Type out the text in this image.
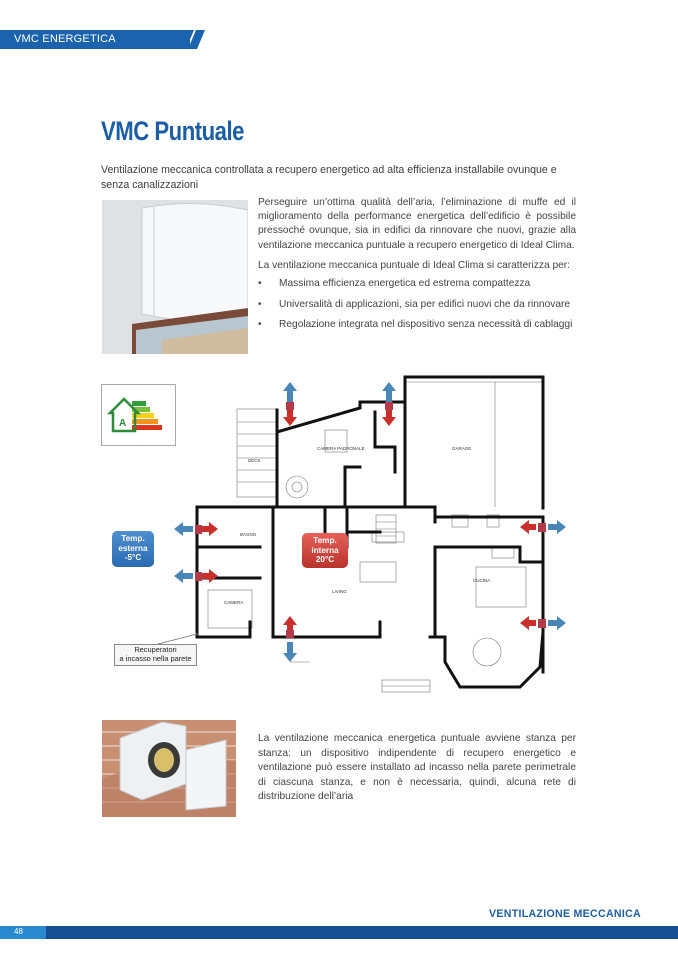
VMC ENERGETICA
VMC Puntuale
Ventilazione meccanica controllata a recupero energetico ad alta efficienza installabile ovunque e senza canalizzazioni

Perseguire un’ottima qualità dell’aria, l’eliminazione di muffe ed il miglioramento della performance energetica dell’edificio è possibile pressoché ovunque, sia in edifici da rinnovare che nuovi, grazie alla ventilazione meccanica puntuale a recupero energetico di Ideal Clima.

La ventilazione meccanica puntuale di Ideal Clima si caratterizza per:

• Massima efficienza energetica ed estrema compattezza
• Universalità di applicazioni, sia per edifici nuovi che da rinnovare
• Regolazione integrata nel dispositivo senza necessità di cablaggi
DECK
CAMERA PADRONALE	GARAGE
BAGNO
LIVING
CUCINA
CAMERA
A
Temp.
esterna
-5°C
Temp.
interna
20°C
Recuperatori
a incasso nella parete
La ventilazione meccanica energetica puntuale avviene stanza per stanza: un dispositivo indipendente di recupero energetico e ventilazione può essere installato ad incasso nella parete perimetrale di ciascuna stanza, e non è necessaria, quindi, alcuna rete di distribuzione dell’aria
VENTILAZIONE MECCANICA
48
